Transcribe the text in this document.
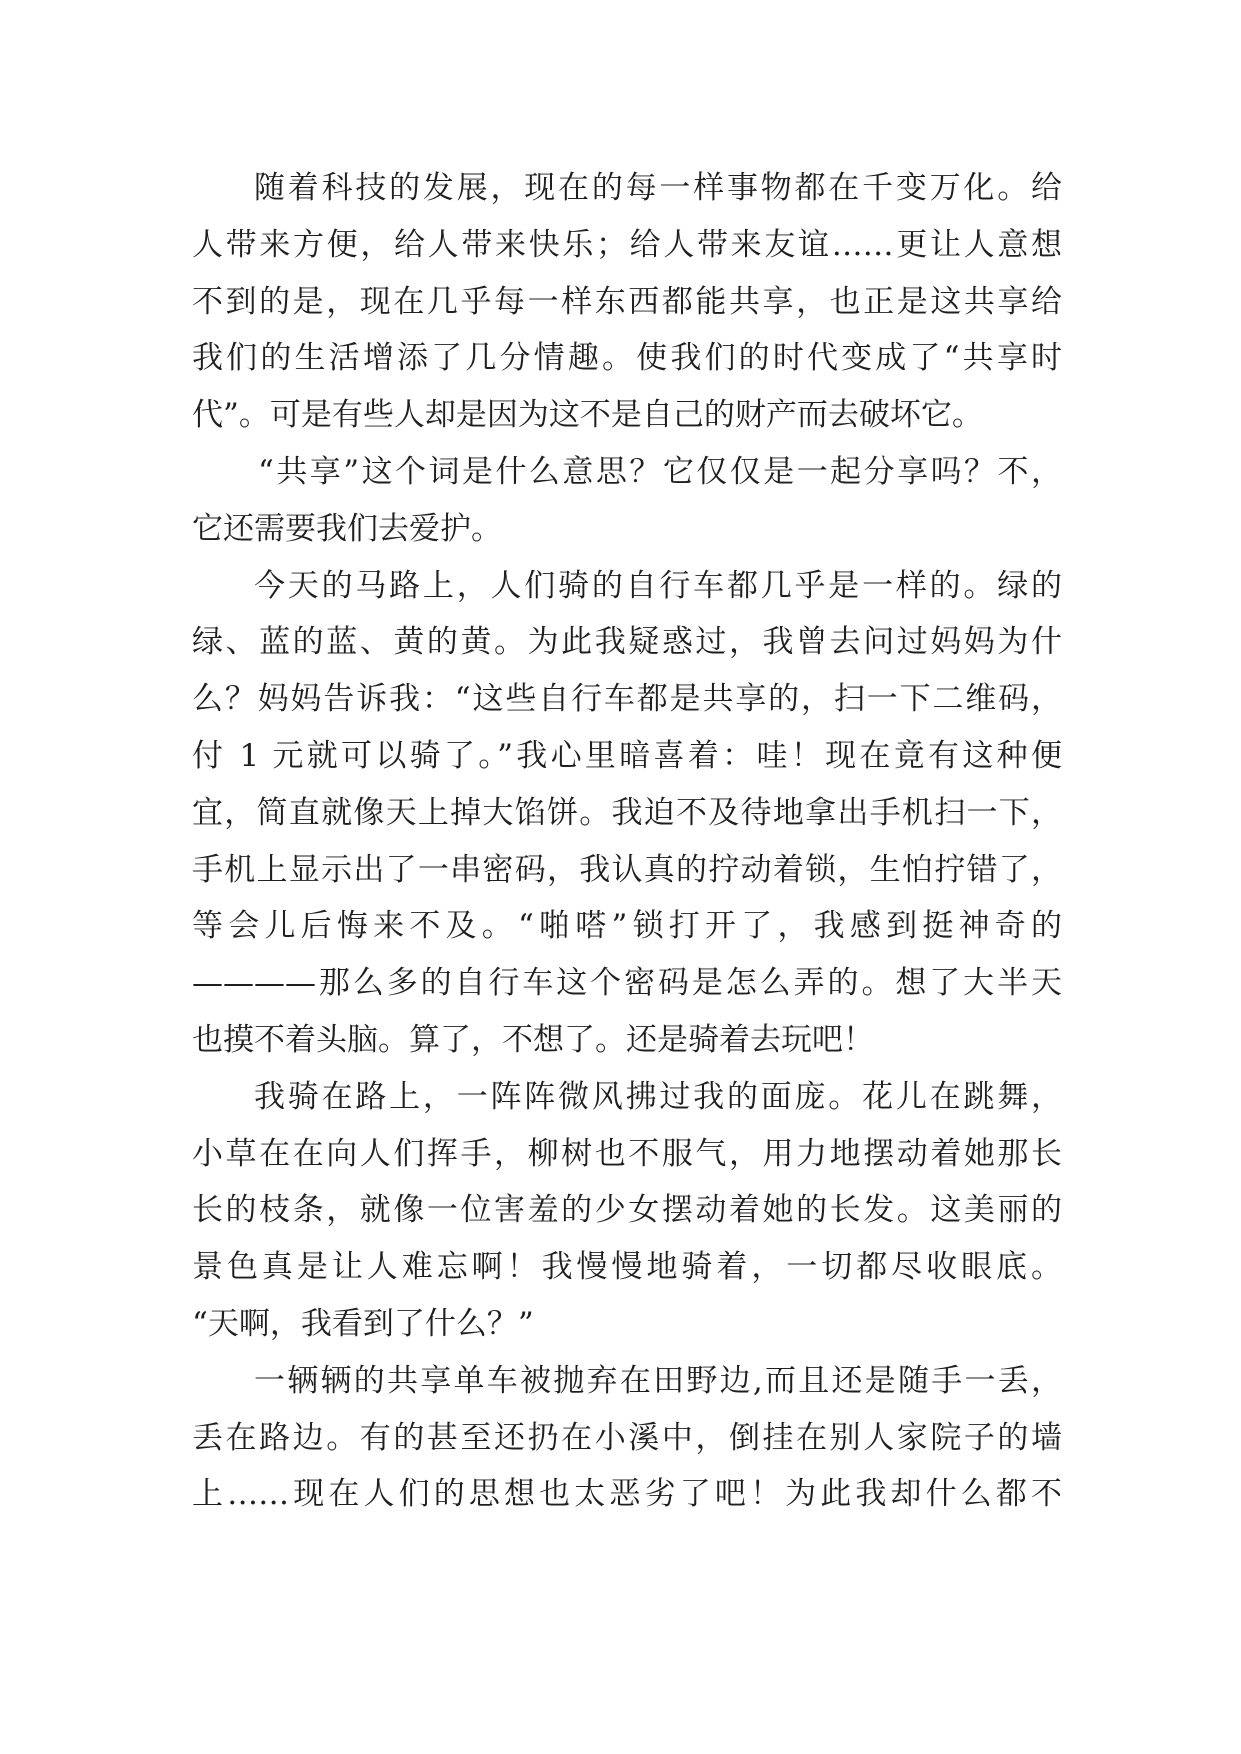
随着科技的发展，现在的每一样事物都在千变万化。给
人带来方便，给人带来快乐；给人带来友谊……更让人意想
不到的是，现在几乎每一样东西都能共享，也正是这共享给
我们的生活增添了几分情趣。使我们的时代变成了“共享时
代”。可是有些人却是因为这不是自己的财产而去破坏它。
“共享”这个词是什么意思？它仅仅是一起分享吗？不，
它还需要我们去爱护。
今天的马路上，人们骑的自行车都几乎是一样的。绿的
绿、蓝的蓝、黄的黄。为此我疑惑过，我曾去问过妈妈为什
么？妈妈告诉我：“这些自行车都是共享的，扫一下二维码，
付 1 元就可以骑了。”我心里暗喜着：哇！现在竟有这种便
宜，简直就像天上掉大馅饼。我迫不及待地拿出手机扫一下，
手机上显示出了一串密码，我认真的拧动着锁，生怕拧错了，
等会儿后悔来不及。“啪嗒”锁打开了，我感到挺神奇的
————那么多的自行车这个密码是怎么弄的。想了大半天
也摸不着头脑。算了，不想了。还是骑着去玩吧！
我骑在路上，一阵阵微风拂过我的面庞。花儿在跳舞，
小草在在向人们挥手，柳树也不服气，用力地摆动着她那长
长的枝条，就像一位害羞的少女摆动着她的长发。这美丽的
景色真是让人难忘啊！我慢慢地骑着，一切都尽收眼底。
“天啊，我看到了什么？”
一辆辆的共享单车被抛弃在田野边,而且还是随手一丢，
丢在路边。有的甚至还扔在小溪中，倒挂在别人家院子的墙
上……现在人们的思想也太恶劣了吧！为此我却什么都不
